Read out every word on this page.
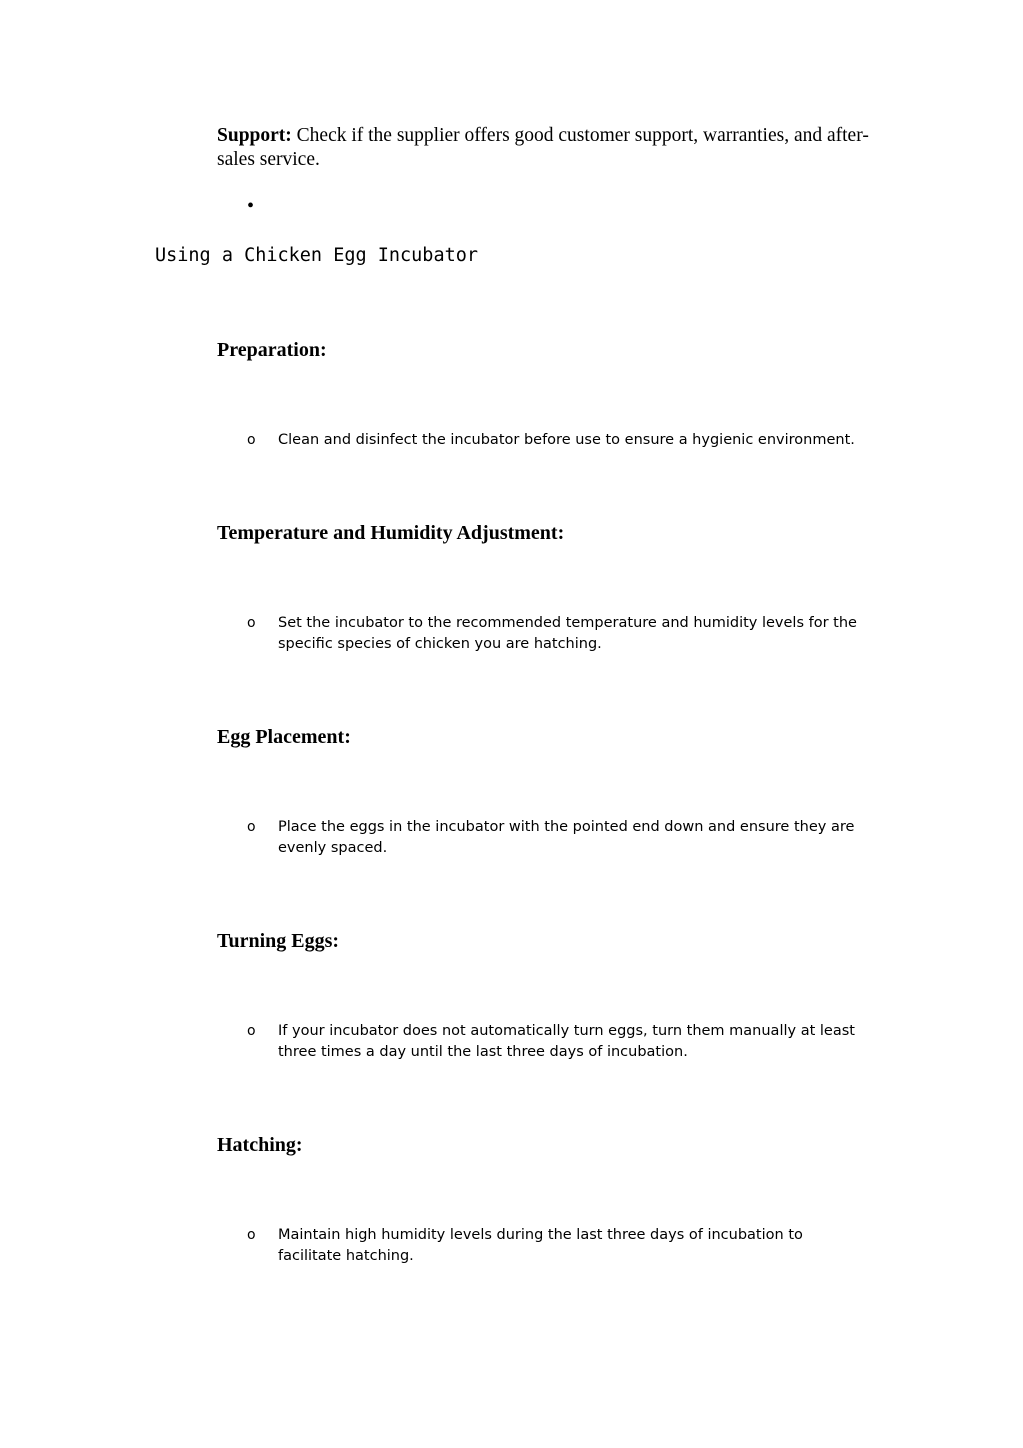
Support: Check if the supplier offers good customer support, warranties, and after-sales service.
•
Using a Chicken Egg Incubator
Preparation:
o Clean and disinfect the incubator before use to ensure a hygienic environment.
Temperature and Humidity Adjustment:
o Set the incubator to the recommended temperature and humidity levels for the specific species of chicken you are hatching.
Egg Placement:
o Place the eggs in the incubator with the pointed end down and ensure they are evenly spaced.
Turning Eggs:
o If your incubator does not automatically turn eggs, turn them manually at least three times a day until the last three days of incubation.
Hatching:
o Maintain high humidity levels during the last three days of incubation to facilitate hatching.
